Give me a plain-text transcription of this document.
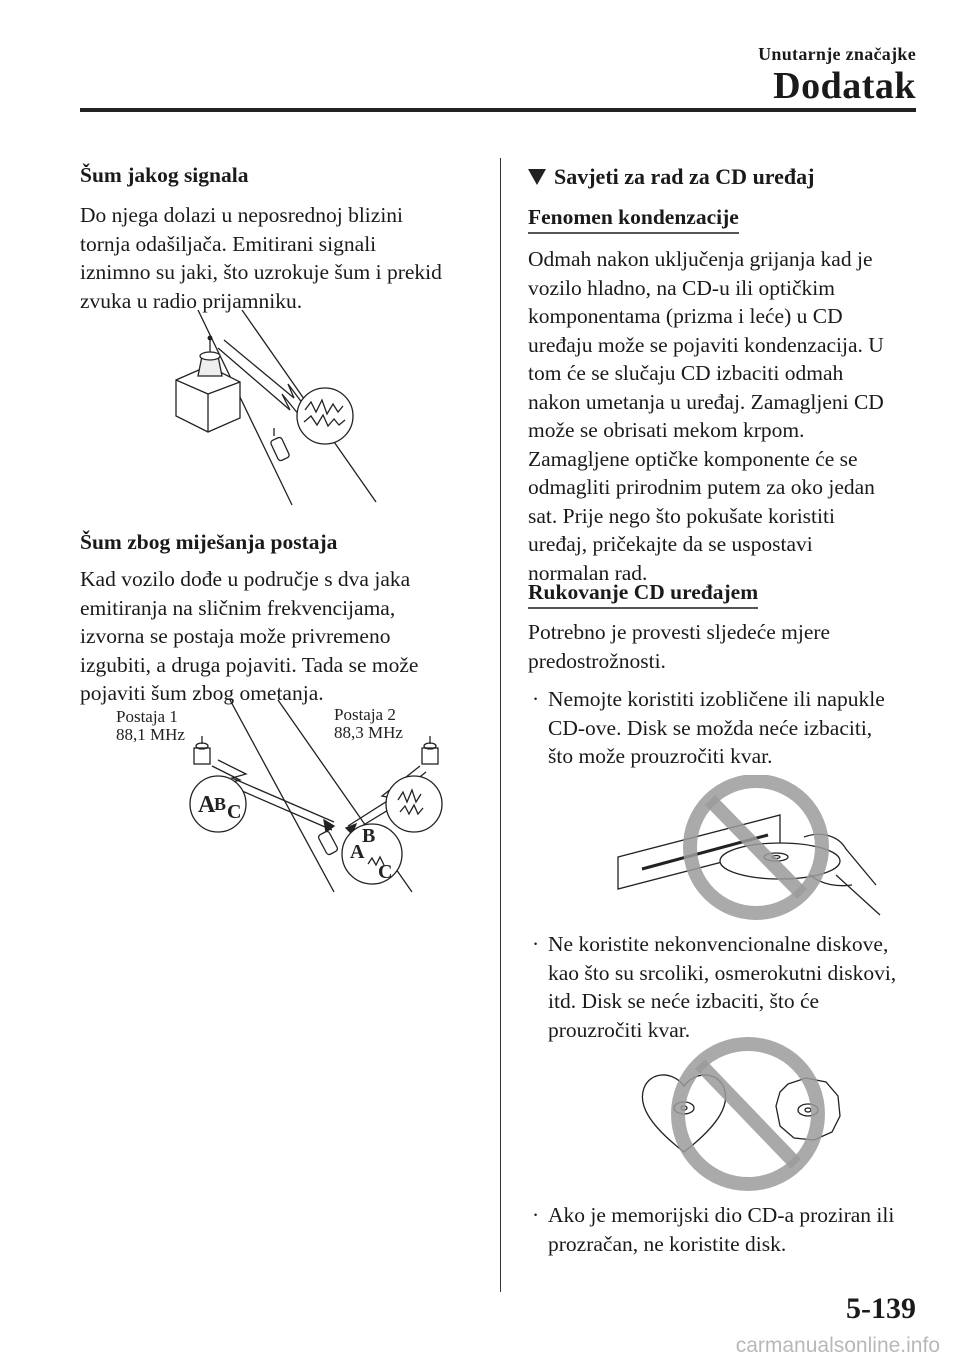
Unutarnje značajke
Dodatak
Šum jakog signala
Do njega dolazi u neposrednoj blizini
tornja odašiljača. Emitirani signali
iznimno su jaki, što uzrokuje šum i prekid
zvuka u radio prijamniku.
Šum zbog miješanja postaja
Kad vozilo dođe u područje s dva jaka
emitiranja na sličnim frekvencijama,
izvorna se postaja može privremeno
izgubiti, a druga pojaviti. Tada se može
pojaviti šum zbog ometanja.
Postaja 1
88,1 MHz
Postaja 2
88,3 MHz
A
B C
A
B
C
Savjeti za rad za CD uređaj
Fenomen kondenzacije
Odmah nakon uključenja grijanja kad je
vozilo hladno, na CD-u ili optičkim
komponentama (prizma i leće) u CD
uređaju može se pojaviti kondenzacija. U
tom će se slučaju CD izbaciti odmah
nakon umetanja u uređaj. Zamagljeni CD
može se obrisati mekom krpom.
Zamagljene optičke komponente će se
odmagliti prirodnim putem za oko jedan
sat. Prije nego što pokušate koristiti
uređaj, pričekajte da se uspostavi
normalan rad.
Rukovanje CD uređajem
Potrebno je provesti sljedeće mjere
predostrožnosti.
· Nemojte koristiti izobličene ili napukle
CD-ove. Disk se možda neće izbaciti,
što može prouzročiti kvar.
· Ne koristite nekonvencionalne diskove,
kao što su srcoliki, osmerokutni diskovi,
itd. Disk se neće izbaciti, što će
prouzročiti kvar.
· Ako je memorijski dio CD-a proziran ili
prozračan, ne koristite disk.
5-139
carmanualsonline.info
